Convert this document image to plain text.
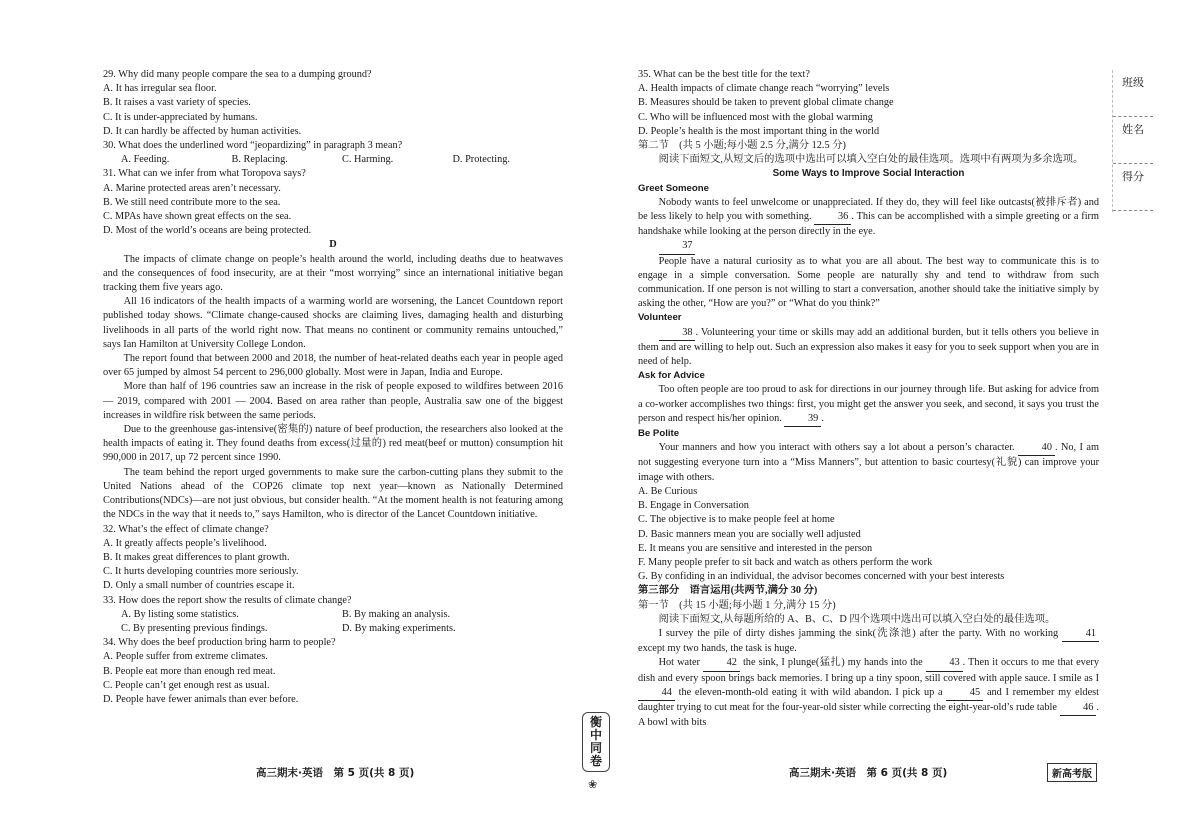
29. Why did many people compare the sea to a dumping ground?

A. It has irregular sea floor.

B. It raises a vast variety of species.

C. It is under-appreciated by humans.

D. It can hardly be affected by human activities.

30. What does the underlined word “jeopardizing” in paragraph 3 mean?

A. Feeding.	B. Replacing.	C. Harming.	D. Protecting.

31. What can we infer from what Toropova says?

A. Marine protected areas aren’t necessary.

B. We still need contribute more to the sea.

C. MPAs have shown great effects on the sea.

D. Most of the world’s oceans are being protected.

D

The impacts of climate change on people’s health around the world, including deaths due to heatwaves and the consequences of food insecurity, are at their “most worrying” since an international initiative began tracking them five years ago.

All 16 indicators of the health impacts of a warming world are worsening, the Lancet Countdown report published today shows. “Climate change-caused shocks are claiming lives, damaging health and disturbing livelihoods in all parts of the world right now. That means no continent or community remains untouched,” says Ian Hamilton at University College London.

The report found that between 2000 and 2018, the number of heat-related deaths each year in people aged over 65 jumped by almost 54 percent to 296,000 globally. Most were in Japan, India and Europe.

More than half of 196 countries saw an increase in the risk of people exposed to wildfires between 2016 — 2019, compared with 2001 — 2004. Based on area rather than people, Australia saw one of the biggest increases in wildfire risk between the same periods.

Due to the greenhouse gas-intensive(密集的) nature of beef production, the researchers also looked at the health impacts of eating it. They found deaths from excess(过量的) red meat(beef or mutton) consumption hit 990,000 in 2017, up 72 percent since 1990.

The team behind the report urged governments to make sure the carbon-cutting plans they submit to the United Nations ahead of the COP26 climate top next year—known as Nationally Determined Contributions(NDCs)—are not just obvious, but consider health. “At the moment health is not featuring among the NDCs in the way that it needs to,” says Hamilton, who is director of the Lancet Countdown initiative.

32. What’s the effect of climate change?

A. It greatly affects people’s livelihood.

B. It makes great differences to plant growth.

C. It hurts developing countries more seriously.

D. Only a small number of countries escape it.

33. How does the report show the results of climate change?

A. By listing some statistics.	B. By making an analysis.
C. By presenting previous findings.	D. By making experiments.

34. Why does the beef production bring harm to people?

A. People suffer from extreme climates.

B. People eat more than enough red meat.

C. People can’t get enough rest as usual.

D. People have fewer animals than ever before.

35. What can be the best title for the text?

A. Health impacts of climate change reach “worrying” levels

B. Measures should be taken to prevent global climate change

C. Who will be influenced most with the global warming

D. People’s health is the most important thing in the world

第二节　(共 5 小题;每小题 2.5 分,满分 12.5 分)

阅读下面短文,从短文后的选项中选出可以填入空白处的最佳选项。选项中有两项为多余选项。

Some Ways to Improve Social Interaction

Greet Someone

Nobody wants to feel unwelcome or unappreciated. If they do, they will feel like outcasts(被排斥者) and be less likely to help you with something.	36 . This can be accomplished with a simple greeting or a firm handshake while looking at the person directly in the eye.

37

People have a natural curiosity as to what you are all about. The best way to communicate this is to engage in a simple conversation. Some people are naturally shy and tend to withdraw from such communication. If one person is not willing to start a conversation, another should take the initiative simply by asking the other, “How are you?” or “What do you think?”

Volunteer

38 . Volunteering your time or skills may add an additional burden, but it tells others you believe in them and are willing to help out. Such an expression also makes it easy for you to seek support when you are in need of help.

Ask for Advice

Too often people are too proud to ask for directions in our journey through life. But asking for advice from a co-worker accomplishes two things: first, you might get the answer you seek, and second, it says you trust the person and respect his/her opinion.	39 .

Be Polite

Your manners and how you interact with others say a lot about a person’s character.	40 . No, I am not suggesting everyone turn into a “Miss Manners”, but attention to basic courtesy(礼貌) can improve your image with others.

A. Be Curious

B. Engage in Conversation

C. The objective is to make people feel at home

D. Basic manners mean you are socially well adjusted

E. It means you are sensitive and interested in the person

F. Many people prefer to sit back and watch as others perform the work

G. By confiding in an individual, the advisor becomes concerned with your best interests

第三部分　语言运用(共两节,满分 30 分)

第一节　(共 15 小题;每小题 1 分,满分 15 分)

阅读下面短文,从每题所给的 A、B、C、D 四个选项中选出可以填入空白处的最佳选项。

I survey the pile of dirty dishes jamming the sink(洗涤池) after the party. With no working	41 except my two hands, the task is huge.

Hot water	42 the sink, I plunge(猛扎) my hands into the	43 . Then it occurs to me that every dish and every spoon brings back memories. I bring up a tiny spoon, still covered with apple sauce. I smile as I 44 the eleven-month-old eating it with wild abandon. I pick up a	45 and I remember my eldest daughter trying to cut meat for the four-year-old sister while correcting the eight-year-old’s rude table	46 . A bowl with bits

高三期末·英语　第 5 页(共 8 页)	高三期末·英语　第 6 页(共 8 页)	新高考版
衡
中
同
卷
❀
班级
姓名
得分
